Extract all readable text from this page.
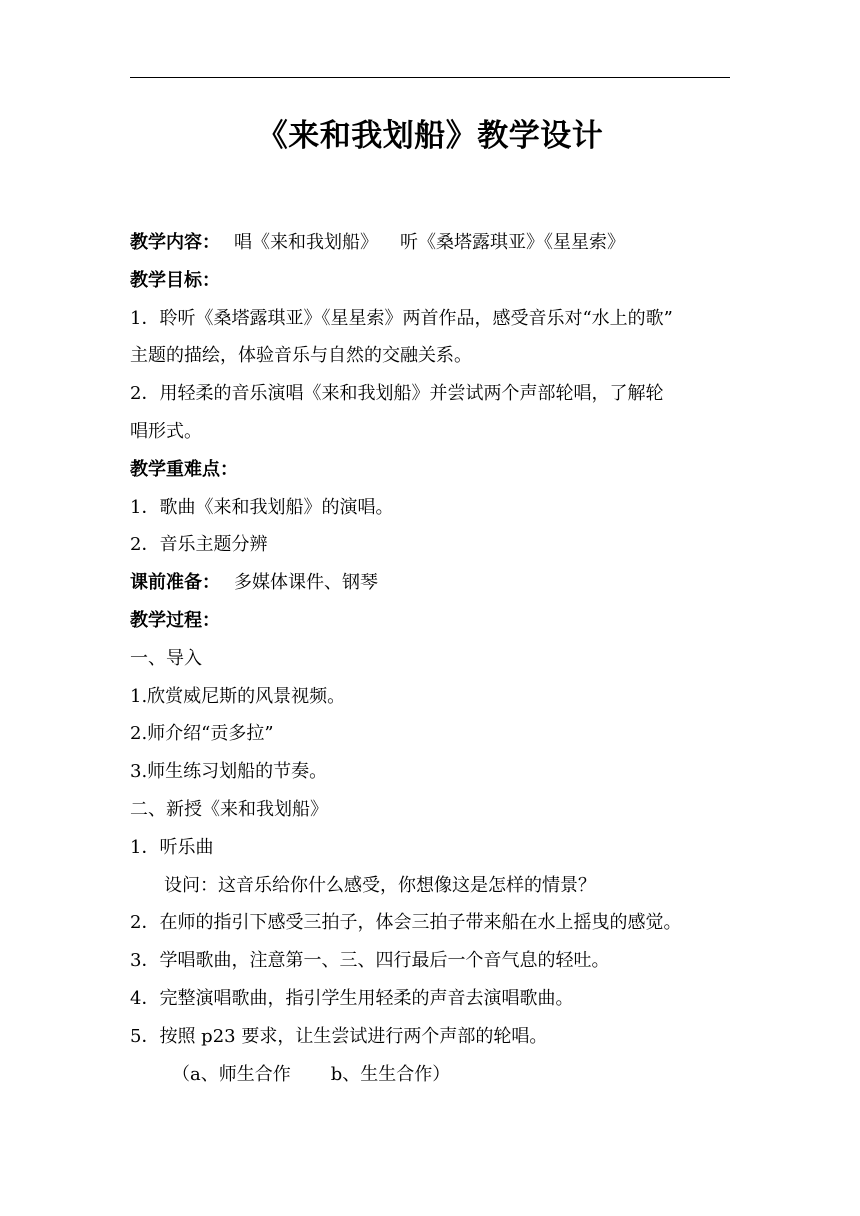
《来和我划船》教学设计
教学内容： 唱《来和我划船》 听《桑塔露琪亚》《星星索》
教学目标：
1．聆听《桑塔露琪亚》《星星索》两首作品，感受音乐对“水上的歌”
主题的描绘，体验音乐与自然的交融关系。
2．用轻柔的音乐演唱《来和我划船》并尝试两个声部轮唱，了解轮
唱形式。
教学重难点：
1．歌曲《来和我划船》的演唱。
2．音乐主题分辨
课前准备： 多媒体课件、钢琴
教学过程：
一、导入
1.欣赏威尼斯的风景视频。
2.师介绍“贡多拉”
3.师生练习划船的节奏。
二、新授《来和我划船》
1．听乐曲
设问：这音乐给你什么感受，你想像这是怎样的情景？
2．在师的指引下感受三拍子，体会三拍子带来船在水上摇曳的感觉。
3．学唱歌曲，注意第一、三、四行最后一个音气息的轻吐。
4．完整演唱歌曲，指引学生用轻柔的声音去演唱歌曲。
5．按照 p23 要求，让生尝试进行两个声部的轮唱。
（a、师生合作 b、生生合作）
